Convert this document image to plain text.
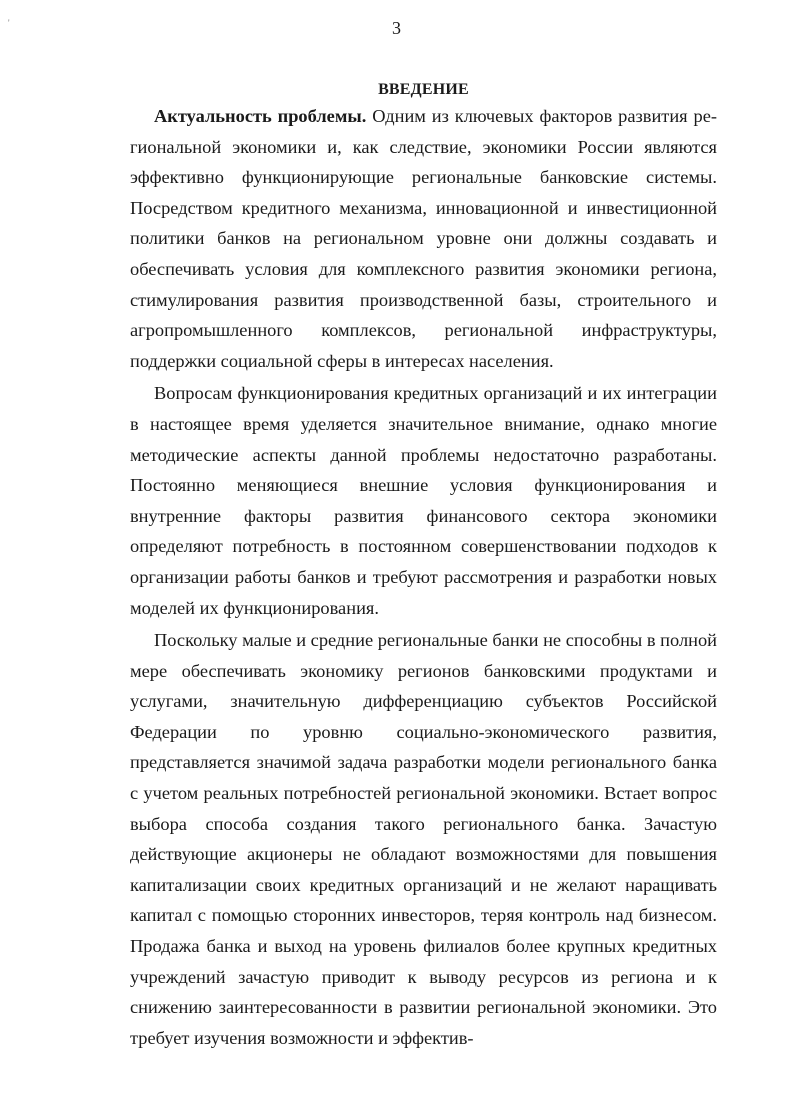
'	3
ВВЕДЕНИЕ

Актуальность проблемы. Одним из ключевых факторов развития региональной экономики и, как следствие, экономики России являются эффективно функционирующие региональные банковские системы. Посредством кредитного механизма, инновационной и инвестиционной политики банков на региональном уровне они должны создавать и обеспечивать условия для комплексного развития экономики региона, стимулирования развития производственной базы, строительного и агропромышленного комплексов, региональной инфраструктуры, поддержки социальной сферы в интересах населения.

Вопросам функционирования кредитных организаций и их интеграции в настоящее время уделяется значительное внимание, однако многие методические аспекты данной проблемы недостаточно разработаны. Постоянно меняющиеся внешние условия функционирования и внутренние факторы развития финансового сектора экономики определяют потребность в постоянном совершенствовании подходов к организации работы банков и требуют рассмотрения и разработки новых моделей их функционирования.

Поскольку малые и средние региональные банки не способны в полной мере обеспечивать экономику регионов банковскими продуктами и услугами, значительную дифференциацию субъектов Российской Федерации по уровню социально-экономического развития, представляется значимой задача разработки модели регионального банка с учетом реальных потребностей региональной экономики. Встает вопрос выбора способа создания такого регионального банка. Зачастую действующие акционеры не обладают возможностями для повышения капитализации своих кредитных организаций и не желают наращивать капитал с помощью сторонних инвесторов, теряя контроль над бизнесом. Продажа банка и выход на уровень филиалов более крупных кредитных учреждений зачастую приводит к выводу ресурсов из региона и к снижению заинтересованности в развитии региональной экономики. Это требует изучения возможности и эффектив-
